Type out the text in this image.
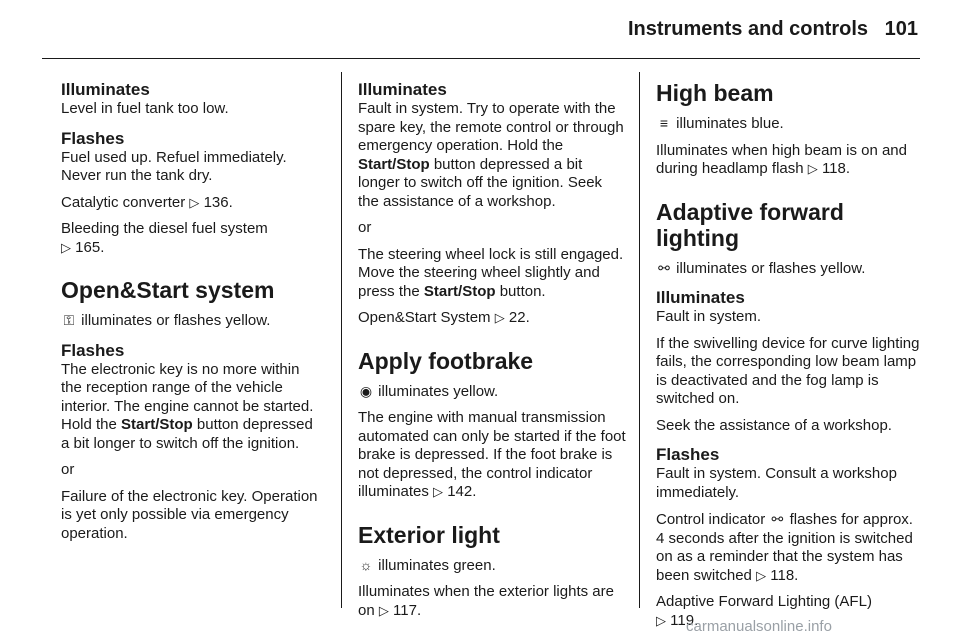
Instruments and controls 101
Illuminates

Level in fuel tank too low.

Flashes

Fuel used up. Refuel immediately. Never run the tank dry.

Catalytic converter ▷ 136.

Bleeding the diesel fuel system
▷ 165.

Open&Start system

⚿ illuminates or flashes yellow.

Flashes

The electronic key is no more within the reception range of the vehicle interior. The engine cannot be started. Hold the Start/Stop button depressed a bit longer to switch off the ignition.

or

Failure of the electronic key. Operation is yet only possible via emergency operation.

Illuminates

Fault in system. Try to operate with the spare key, the remote control or through emergency operation. Hold the Start/Stop button depressed a bit longer to switch off the ignition. Seek the assistance of a workshop.

or

The steering wheel lock is still engaged. Move the steering wheel slightly and press the Start/Stop button.

Open&Start System ▷ 22.

Apply footbrake

◉ illuminates yellow.

The engine with manual transmission automated can only be started if the foot brake is depressed. If the foot brake is not depressed, the control indicator illuminates ▷ 142.

Exterior light

☼ illuminates green.

Illuminates when the exterior lights are on ▷ 117.

High beam

≡ illuminates blue.

Illuminates when high beam is on and during headlamp flash ▷ 118.

Adaptive forward lighting

⚯ illuminates or flashes yellow.

Illuminates

Fault in system.

If the swivelling device for curve lighting fails, the corresponding low beam lamp is deactivated and the fog lamp is switched on.

Seek the assistance of a workshop.

Flashes

Fault in system. Consult a workshop immediately.

Control indicator ⚯ flashes for approx. 4 seconds after the ignition is switched on as a reminder that the system has been switched ▷ 118.

Adaptive Forward Lighting (AFL)
▷ 119.

carmanualsonline.info
